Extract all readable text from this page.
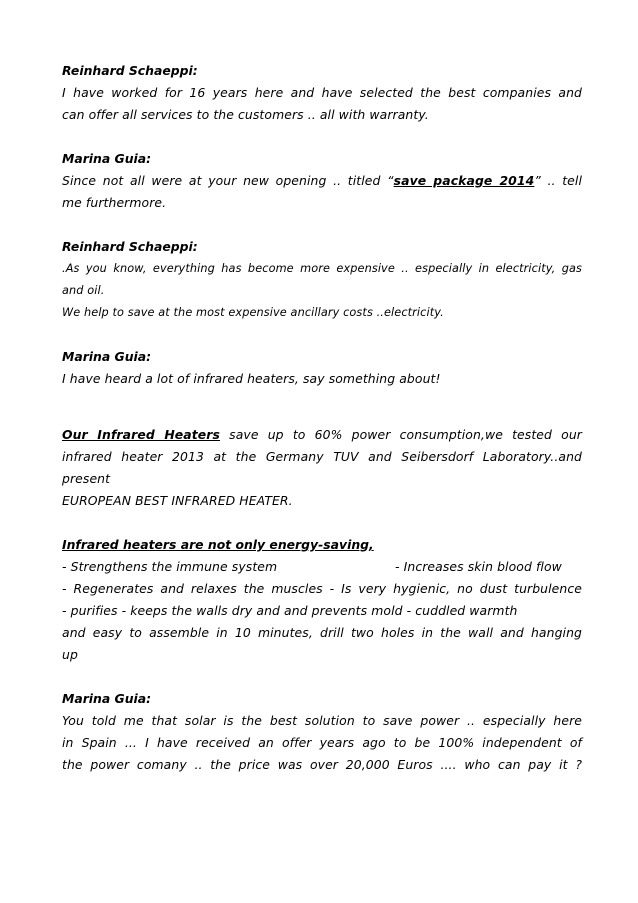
Reinhard Schaeppi:
I have worked for 16 years here and have selected the best companies and
can offer all services to the customers .. all with warranty.
Marina Guia:
Since not all were at your new opening .. titled “save package 2014” .. tell
me furthermore.
Reinhard Schaeppi:
.As you know, everything has become more expensive .. especially in electricity, gas
and oil.
We help to save at the most expensive ancillary costs ..electricity.
Marina Guia:
I have heard a lot of infrared heaters, say something about!
Our Infrared Heaters save up to 60% power consumption,we tested our
infrared heater 2013 at the Germany TUV and Seibersdorf Laboratory..and
present
EUROPEAN BEST INFRARED HEATER.
Infrared heaters are not only energy-saving,
- Strengthens the immune system	- Increases skin blood flow
- Regenerates and relaxes the muscles - Is very hygienic, no dust turbulence
- purifies - keeps the walls dry and and prevents mold - cuddled warmth
and easy to assemble in 10 minutes, drill two holes in the wall and hanging
up
Marina Guia:
You told me that solar is the best solution to save power .. especially here
in Spain ... I have received an offer years ago to be 100% independent of
the power comany .. the price was over 20,000 Euros .... who can pay it ?
